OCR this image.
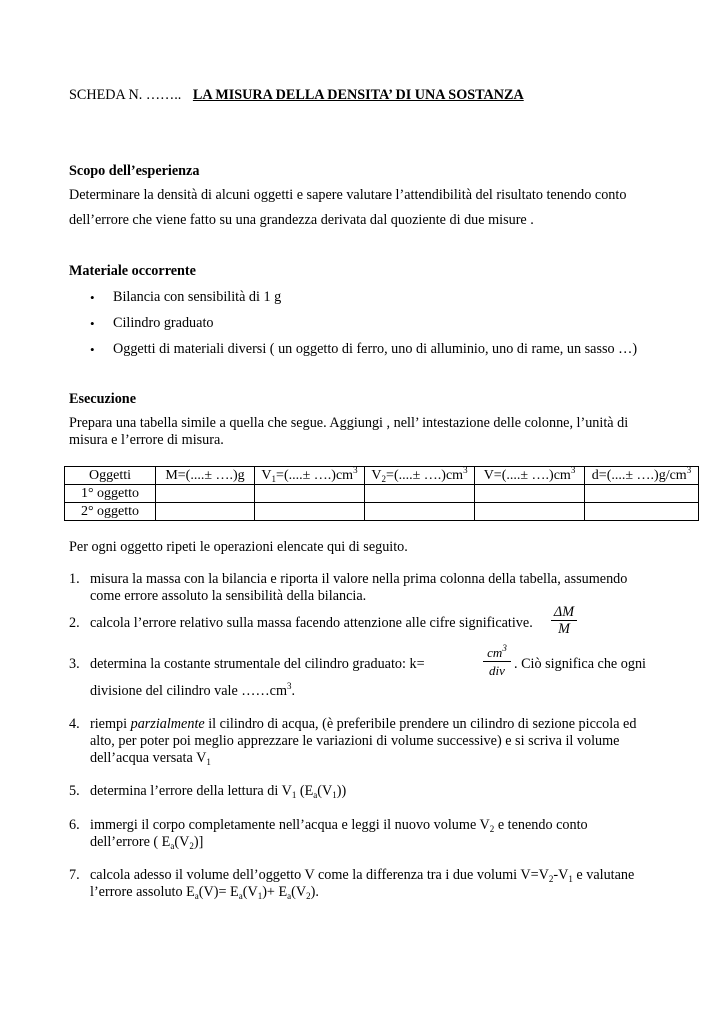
SCHEDA N. …….. LA MISURA DELLA DENSITA’ DI UNA SOSTANZA
Scopo dell’esperienza
Determinare la densità di alcuni oggetti e sapere valutare l’attendibilità del risultato tenendo conto
dell’errore che viene fatto su una grandezza derivata dal quoziente di due misure .
Materiale occorrente
• Bilancia con sensibilità di 1 g
• Cilindro graduato
• Oggetti di materiali diversi ( un oggetto di ferro, uno di alluminio, uno di rame, un sasso …)
Esecuzione
Prepara una tabella simile a quella che segue. Aggiungi , nell’ intestazione delle colonne, l’unità di
misura e l’errore di misura.
Oggetti	M=(....± ….)g	$V_1=(....\pm$ $\dots.)cm^3$	$V_2=(....\pm$ $\dots.)cm^3$	$V=(....\pm \dots.)cm^3$	$d=(....\pm \dots.)g/cm^3$
1° oggetto					
2° oggetto					
Per ogni oggetto ripeti le operazioni elencate qui di seguito.
1. misura la massa con la bilancia e riporta il valore nella prima colonna della tabella, assumendo
come errore assoluto la sensibilità della bilancia.
2. calcola l’errore relativo sulla massa facendo attenzione alle cifre significative. $\frac{\Delta M}{M}$
3. determina la costante strumentale del cilindro graduato: k=
$cm^3$
div . Ciò significa che ogni
divisione del cilindro vale $\dots\dots cm^3$.
4. riempi parzialmente il cilindro di acqua, (è preferibile prendere un cilindro di sezione piccola ed
alto, per poter poi meglio apprezzare le variazioni di volume successive) e si scriva il volume
dell’acqua versata $V_1$
5. determina l’errore della lettura di $V_1$ $(E_a(V_1))$
6. immergi il corpo completamente nell’acqua e leggi il nuovo volume $V_2$ e tenendo conto
dell’errore ( $E_a(V_2)$]
7. calcola adesso il volume dell’oggetto V come la differenza tra i due volumi $V=V_2-V_1$ e valutane
l’errore assoluto $E_a(V)= E_a(V_1)+ E_a(V_2)$.
